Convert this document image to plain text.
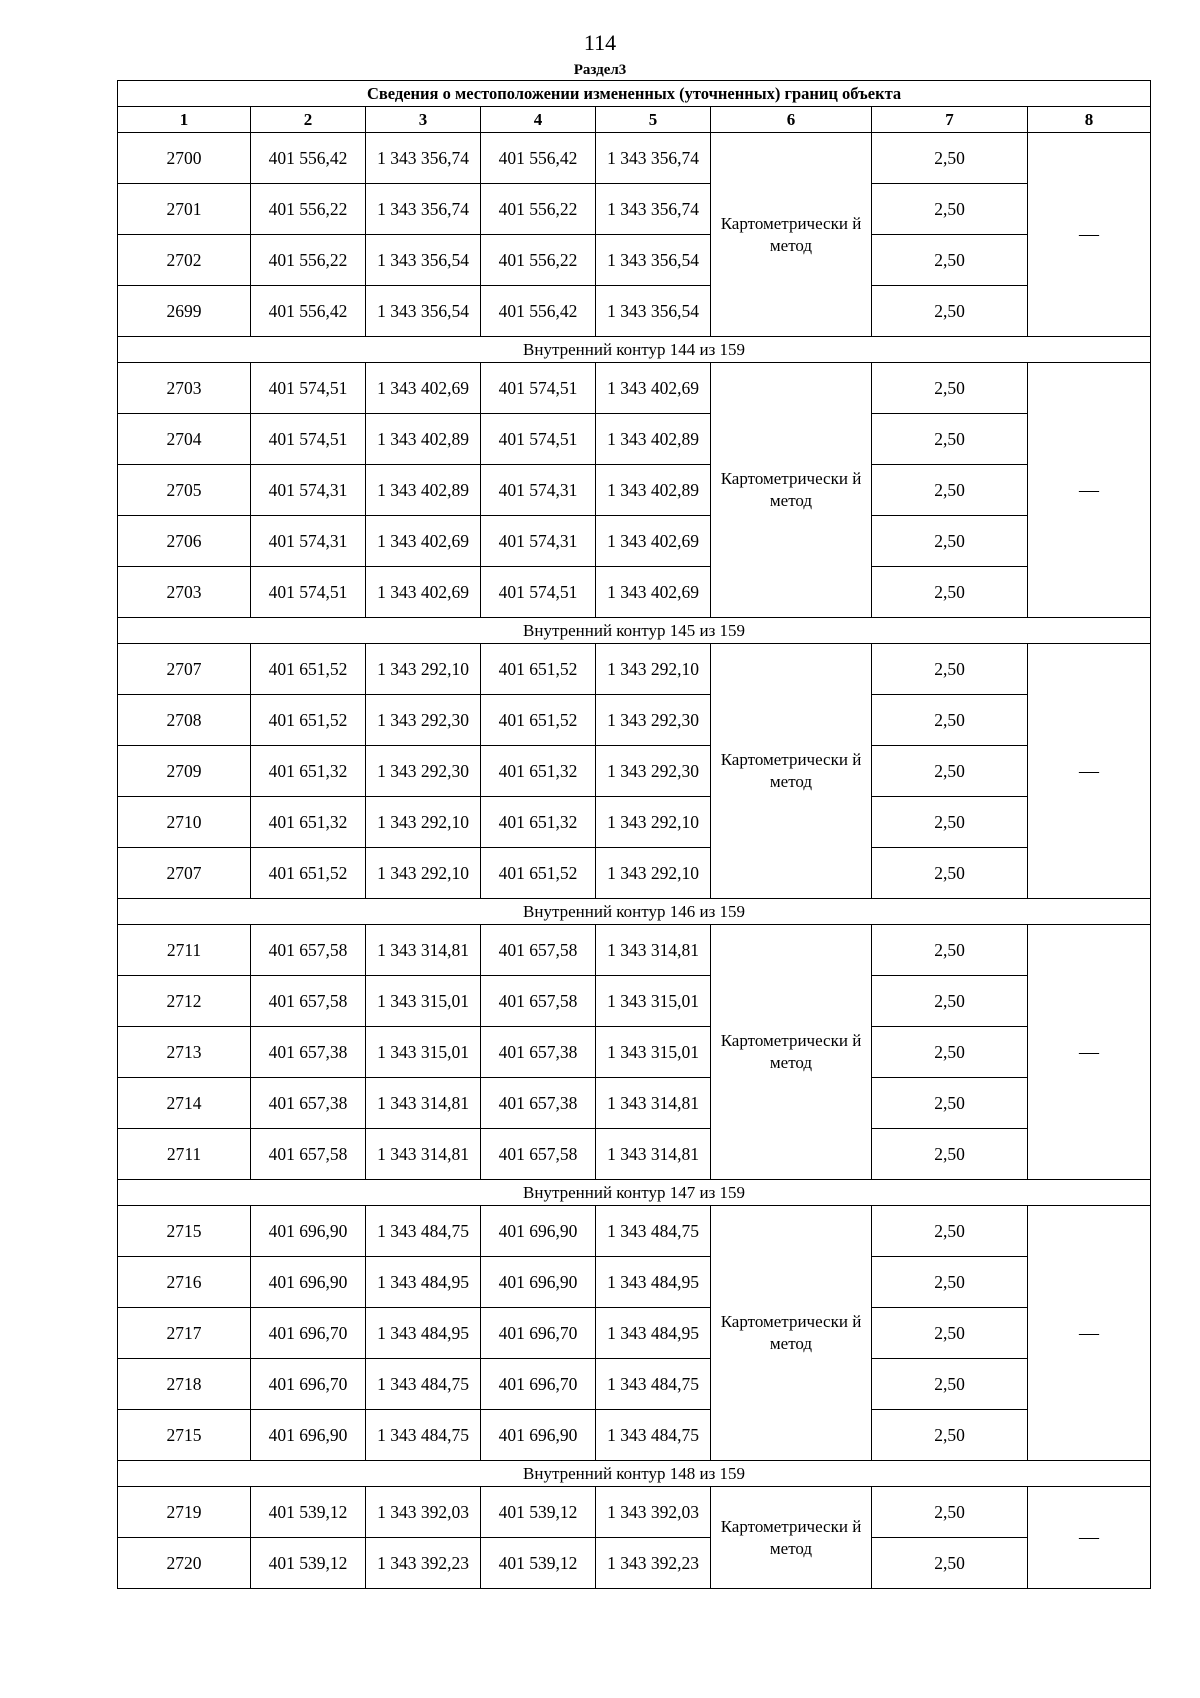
114
Раздел3
Сведения о местоположении измененных (уточненных) границ объекта							
1	2	3	4	5	6	7	8
2700	401 556,42	1 343 356,74	401 556,42	1 343 356,74	Картометрически й метод	2,50	—
2701	401 556,22	1 343 356,74	401 556,22	1 343 356,74		2,50	
2702	401 556,22	1 343 356,54	401 556,22	1 343 356,54		2,50	
2699	401 556,42	1 343 356,54	401 556,42	1 343 356,54		2,50	
Внутренний контур 144 из 159							
2703	401 574,51	1 343 402,69	401 574,51	1 343 402,69	Картометрически й метод	2,50	—
2704	401 574,51	1 343 402,89	401 574,51	1 343 402,89		2,50	
2705	401 574,31	1 343 402,89	401 574,31	1 343 402,89		2,50	
2706	401 574,31	1 343 402,69	401 574,31	1 343 402,69		2,50	
2703	401 574,51	1 343 402,69	401 574,51	1 343 402,69		2,50	
Внутренний контур 145 из 159							
2707	401 651,52	1 343 292,10	401 651,52	1 343 292,10	Картометрически й метод	2,50	—
2708	401 651,52	1 343 292,30	401 651,52	1 343 292,30		2,50	
2709	401 651,32	1 343 292,30	401 651,32	1 343 292,30		2,50	
2710	401 651,32	1 343 292,10	401 651,32	1 343 292,10		2,50	
2707	401 651,52	1 343 292,10	401 651,52	1 343 292,10		2,50	
Внутренний контур 146 из 159							
2711	401 657,58	1 343 314,81	401 657,58	1 343 314,81	Картометрически й метод	2,50	—
2712	401 657,58	1 343 315,01	401 657,58	1 343 315,01		2,50	
2713	401 657,38	1 343 315,01	401 657,38	1 343 315,01		2,50	
2714	401 657,38	1 343 314,81	401 657,38	1 343 314,81		2,50	
2711	401 657,58	1 343 314,81	401 657,58	1 343 314,81		2,50	
Внутренний контур 147 из 159							
2715	401 696,90	1 343 484,75	401 696,90	1 343 484,75	Картометрически й метод	2,50	—
2716	401 696,90	1 343 484,95	401 696,90	1 343 484,95		2,50	
2717	401 696,70	1 343 484,95	401 696,70	1 343 484,95		2,50	
2718	401 696,70	1 343 484,75	401 696,70	1 343 484,75		2,50	
2715	401 696,90	1 343 484,75	401 696,90	1 343 484,75		2,50	
Внутренний контур 148 из 159							
2719	401 539,12	1 343 392,03	401 539,12	1 343 392,03	Картометрически й метод	2,50	—
2720	401 539,12	1 343 392,23	401 539,12	1 343 392,23		2,50	
